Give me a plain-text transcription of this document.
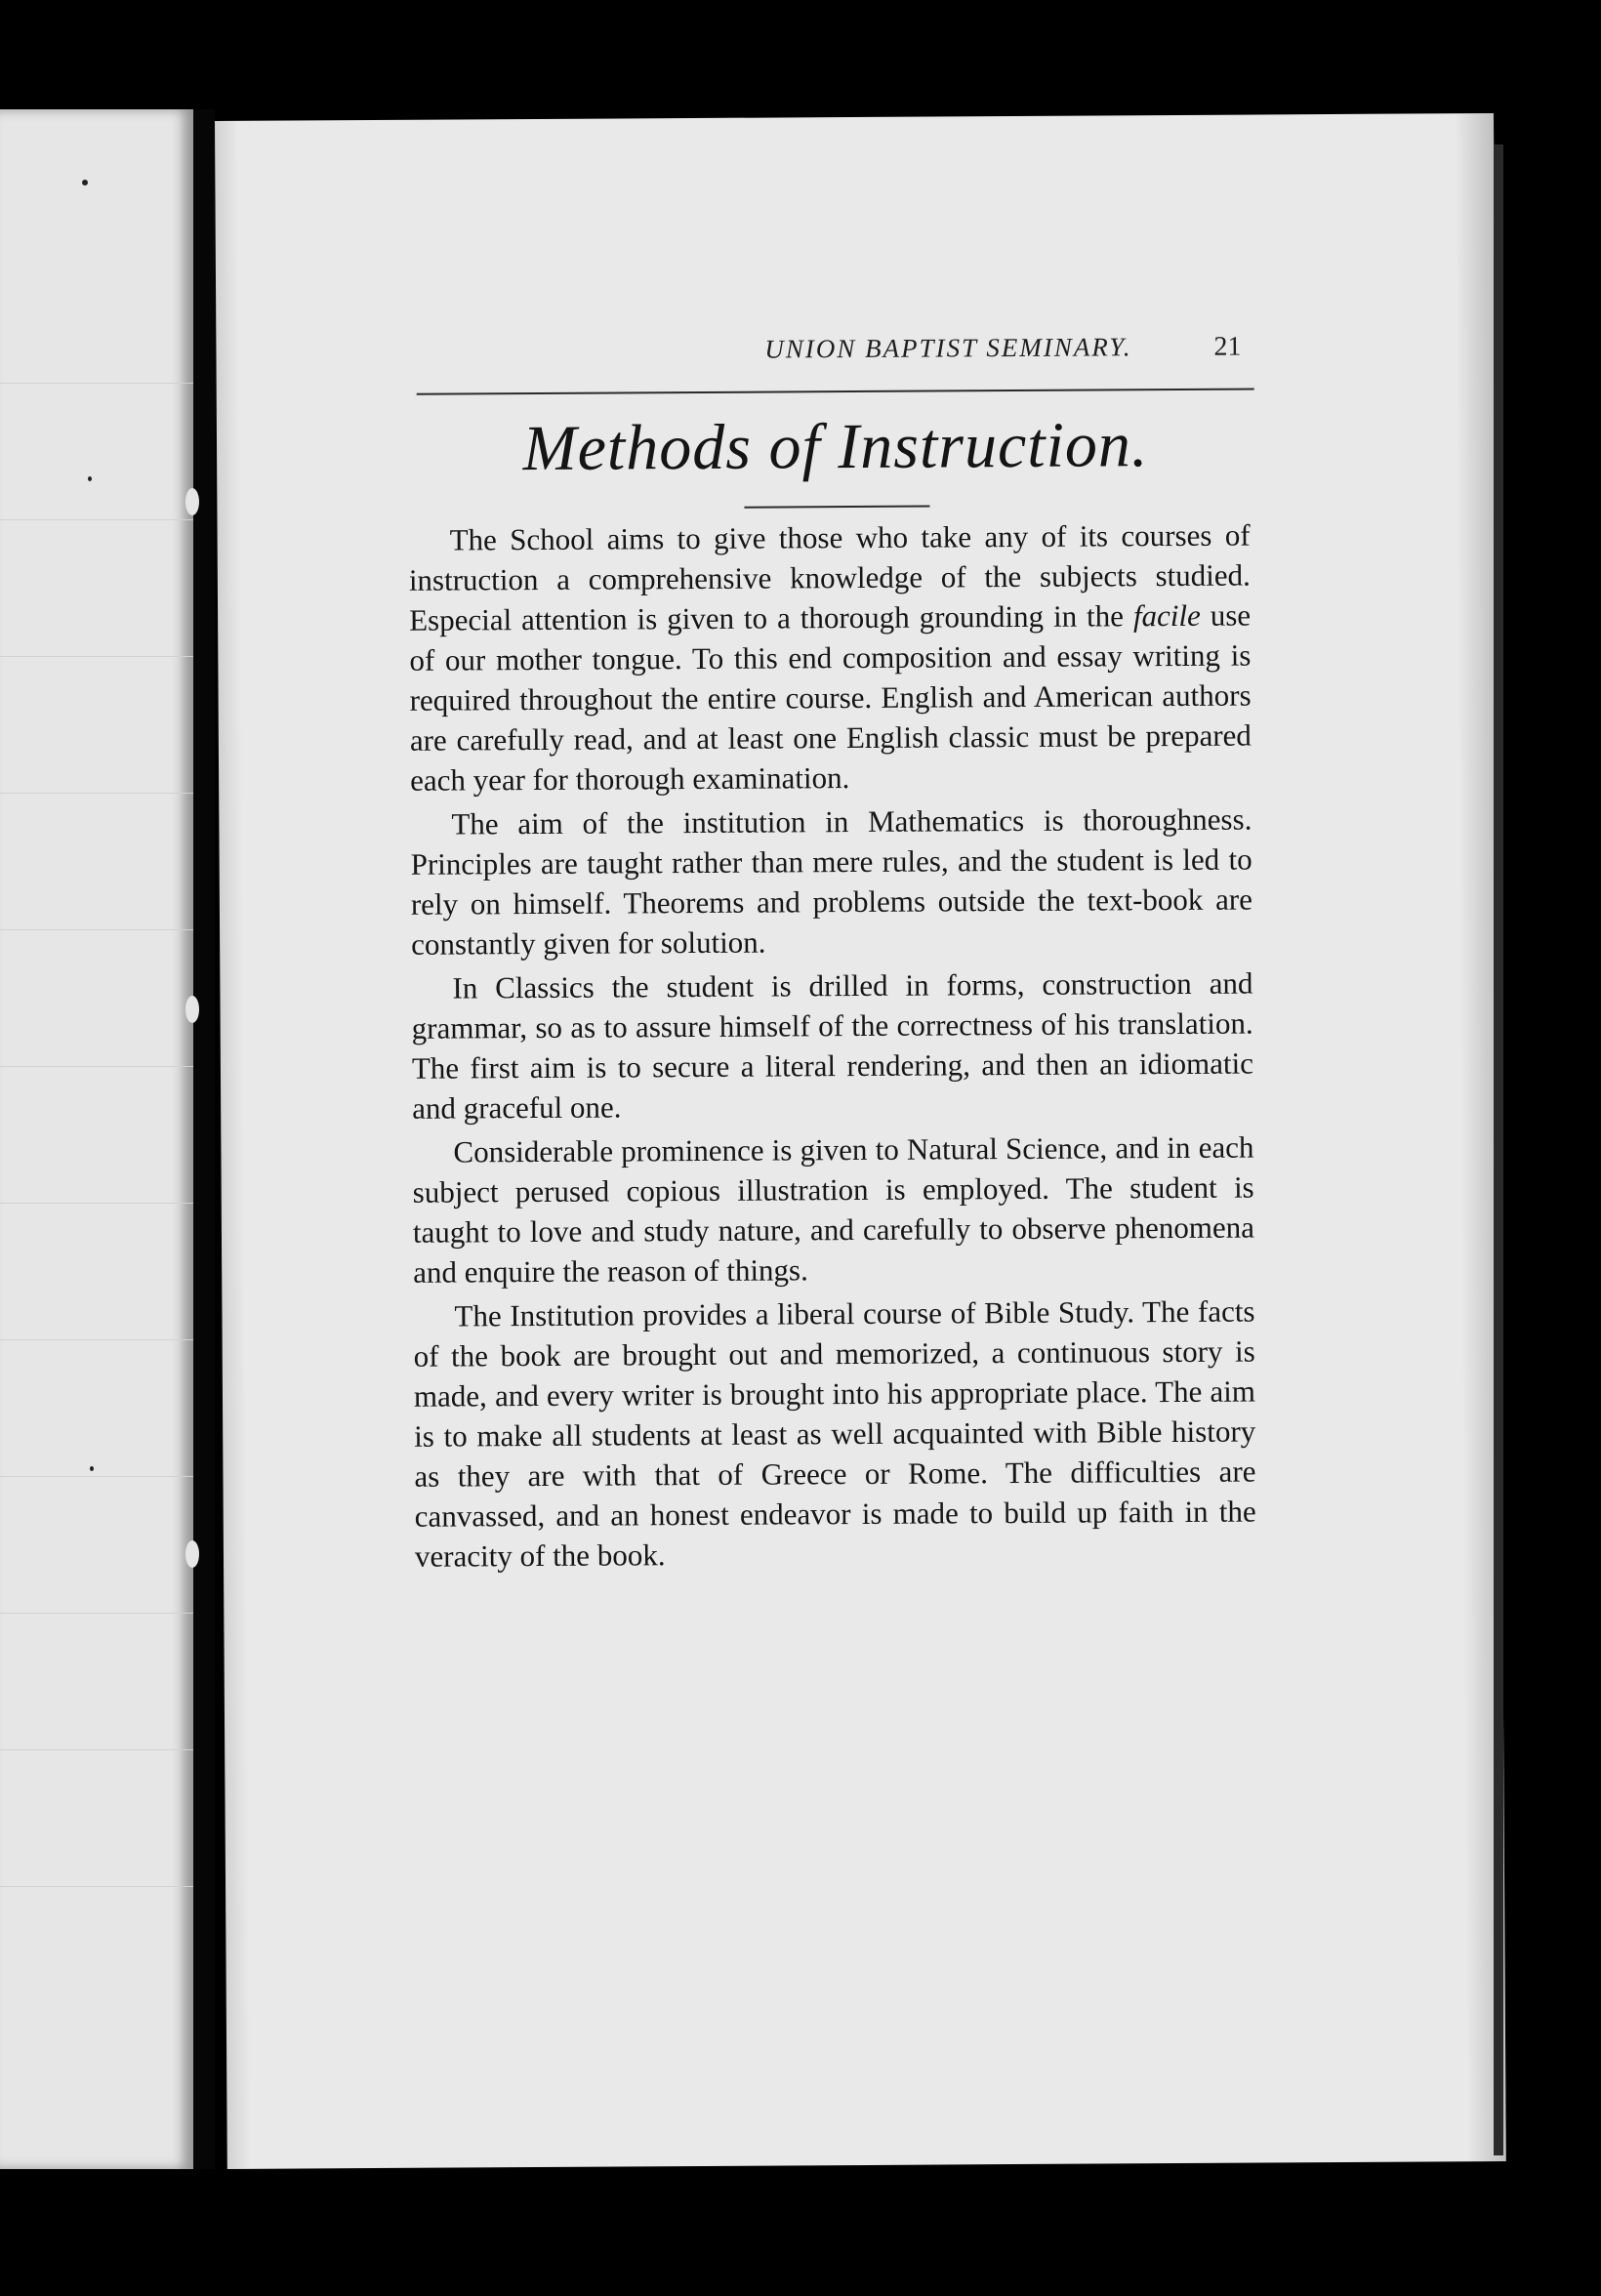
UNION BAPTIST SEMINARY.	21
Methods of Instruction.

The School aims to give those who take any of its courses of instruction a comprehensive knowledge of the subjects studied. Especial attention is given to a thorough grounding in the facile use of our mother tongue. To this end composition and essay writing is required throughout the entire course. English and American authors are carefully read, and at least one English classic must be prepared each year for thorough examination.

The aim of the institution in Mathematics is thoroughness. Principles are taught rather than mere rules, and the student is led to rely on himself. Theorems and problems outside the text-book are constantly given for solution.

In Classics the student is drilled in forms, construction and grammar, so as to assure himself of the correctness of his translation. The first aim is to secure a literal rendering, and then an idiomatic and graceful one.

Considerable prominence is given to Natural Science, and in each subject perused copious illustration is employed. The student is taught to love and study nature, and carefully to observe phenomena and enquire the reason of things.

The Institution provides a liberal course of Bible Study. The facts of the book are brought out and memorized, a continuous story is made, and every writer is brought into his appropriate place. The aim is to make all students at least as well acquainted with Bible history as they are with that of Greece or Rome. The difficulties are canvassed, and an honest endeavor is made to build up faith in the veracity of the book.
